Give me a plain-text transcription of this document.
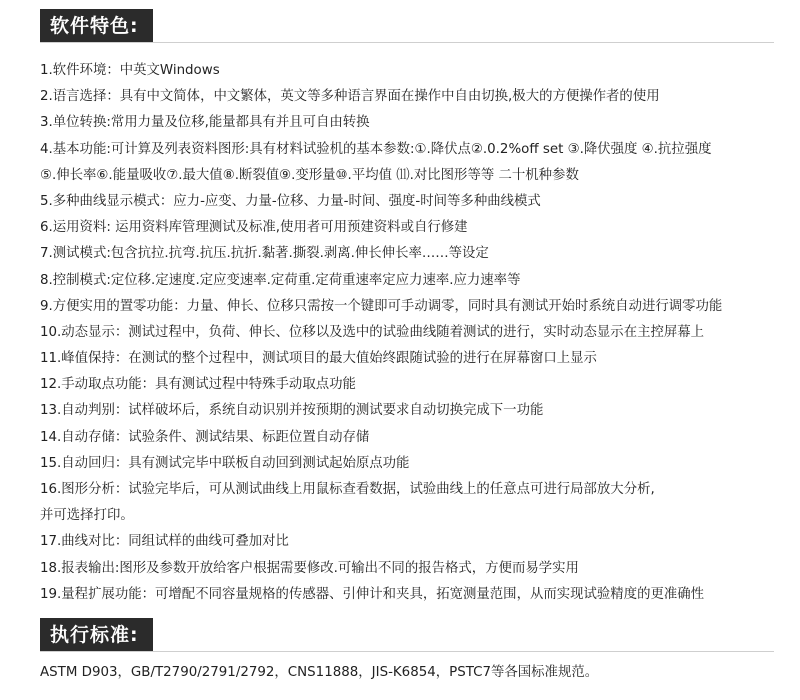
软件特色:
1.软件环境：中英文Windows
2.语言选择：具有中文简体，中文繁体，英文等多种语言界面在操作中自由切换,极大的方便操作者的使用
3.单位转换:常用力量及位移,能量都具有并且可自由转换
4.基本功能:可计算及列表资料图形:具有材料试验机的基本参数:①.降伏点②.0.2%off set ③.降伏强度 ④.抗拉强度
⑤.伸长率⑥.能量吸收⑦.最大值⑧.断裂值⑨.变形量⑩.平均值 ⑾.对比图形等等 二十机种参数
5.多种曲线显示模式：应力-应变、力量-位移、力量-时间、强度-时间等多种曲线模式
6.运用资料: 运用资料库管理测试及标准,使用者可用预建资料或自行修建
7.测试模式:包含抗拉.抗弯.抗压.抗折.黏著.撕裂.剥离.伸长伸长率……等设定
8.控制模式:定位移.定速度.定应变速率.定荷重.定荷重速率定应力速率.应力速率等
9.方便实用的置零功能：力量、伸长、位移只需按一个键即可手动调零，同时具有测试开始时系统自动进行调零功能
10.动态显示：测试过程中，负荷、伸长、位移以及选中的试验曲线随着测试的进行，实时动态显示在主控屏幕上
11.峰值保持：在测试的整个过程中，测试项目的最大值始终跟随试验的进行在屏幕窗口上显示
12.手动取点功能：具有测试过程中特殊手动取点功能
13.自动判别：试样破坏后，系统自动识别并按预期的测试要求自动切换完成下一功能
14.自动存储：试验条件、测试结果、标距位置自动存储
15.自动回归：具有测试完毕中联板自动回到测试起始原点功能
16.图形分析：试验完毕后，可从测试曲线上用鼠标查看数据，试验曲线上的任意点可进行局部放大分析,
并可选择打印。
17.曲线对比：同组试样的曲线可叠加对比
18.报表输出:图形及参数开放给客户根据需要修改.可输出不同的报告格式，方便而易学实用
19.量程扩展功能：可增配不同容量规格的传感器、引伸计和夹具，拓宽测量范围，从而实现试验精度的更准确性
执行标准:
ASTM D903，GB/T2790/2791/2792，CNS11888，JIS-K6854，PSTC7等各国标准规范。
